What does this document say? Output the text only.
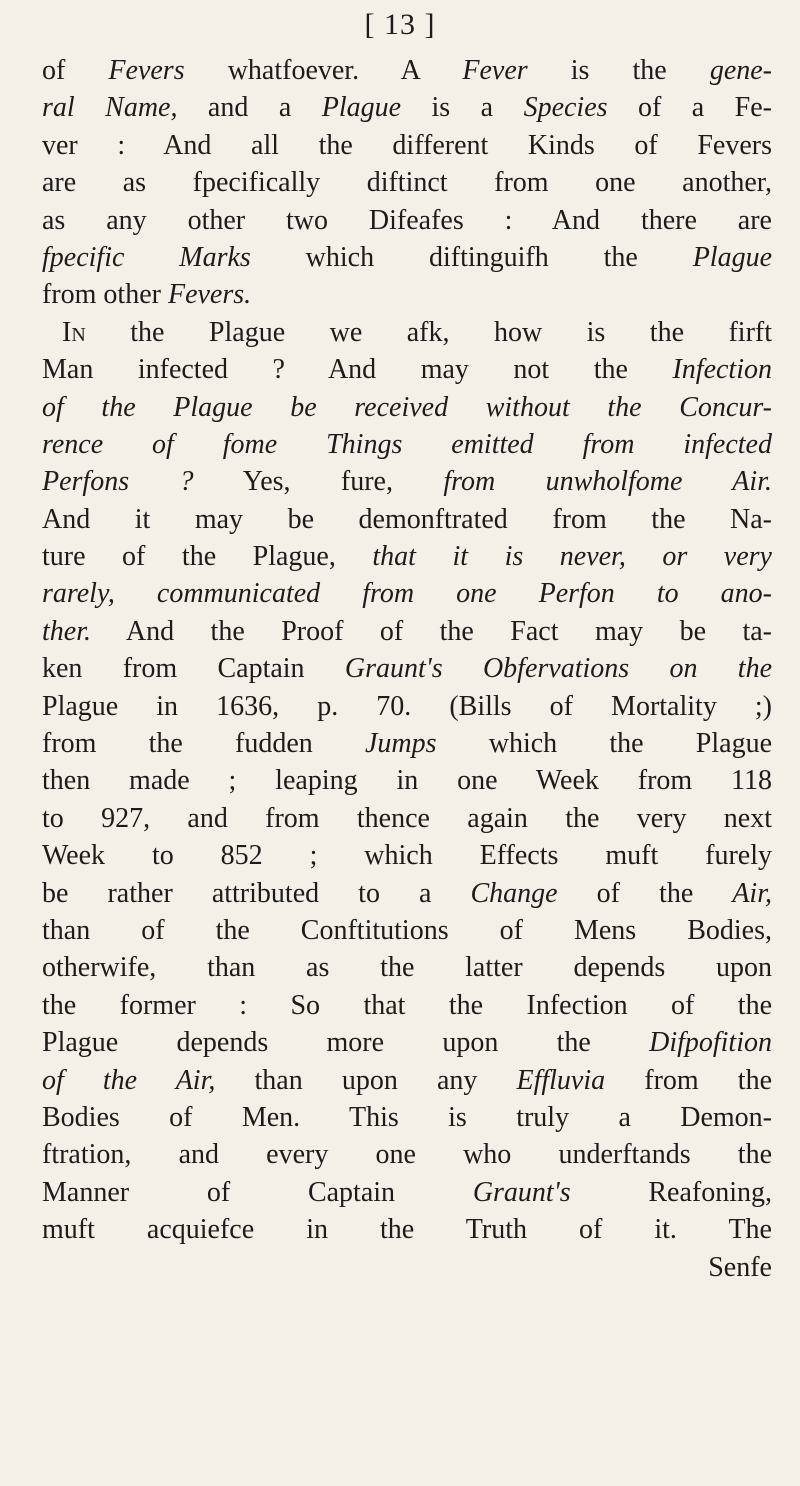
[ 13 ]
of Fevers whatfoever. A Fever is the gene-
ral Name, and a Plague is a Species of a Fe-
ver : And all the different Kinds of Fevers
are as fpecifically diftinct from one another,
as any other two Difeafes : And there are
fpecific Marks which diftinguifh the Plague
from other Fevers.
In the Plague we afk, how is the firft
Man infected ? And may not the Infection
of the Plague be received without the Concur-
rence of fome Things emitted from infected
Perfons ? Yes, fure, from unwholfome Air.
And it may be demonftrated from the Na-
ture of the Plague, that it is never, or very
rarely, communicated from one Perfon to ano-
ther. And the Proof of the Fact may be ta-
ken from Captain Graunt's Obfervations on the
Plague in 1636, p. 70. (Bills of Mortality ;)
from the fudden Jumps which the Plague
then made ; leaping in one Week from 118
to 927, and from thence again the very next
Week to 852 ; which Effects muft furely
be rather attributed to a Change of the Air,
than of the Conftitutions of Mens Bodies,
otherwife, than as the latter depends upon
the former : So that the Infection of the
Plague depends more upon the Difpofition
of the Air, than upon any Effluvia from the
Bodies of Men. This is truly a Demon-
ftration, and every one who underftands the
Manner of Captain Graunt's Reafoning,
muft acquiefce in the Truth of it. The
Senfe
